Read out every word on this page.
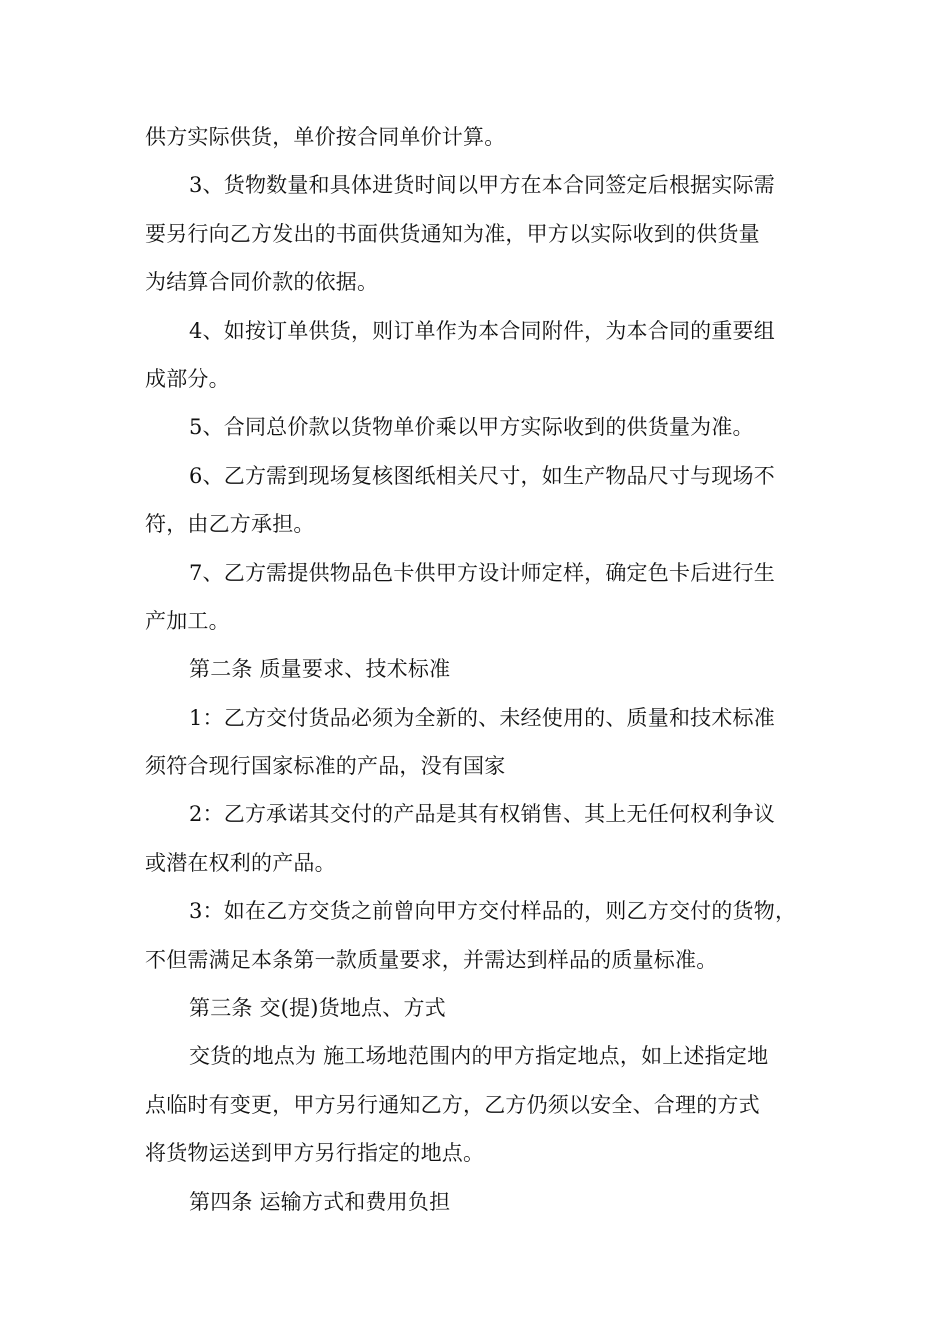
供方实际供货，单价按合同单价计算。
3、货物数量和具体进货时间以甲方在本合同签定后根据实际需
要另行向乙方发出的书面供货通知为准，甲方以实际收到的供货量
为结算合同价款的依据。
4、如按订单供货，则订单作为本合同附件，为本合同的重要组
成部分。
5、合同总价款以货物单价乘以甲方实际收到的供货量为准。
6、乙方需到现场复核图纸相关尺寸，如生产物品尺寸与现场不
符，由乙方承担。
7、乙方需提供物品色卡供甲方设计师定样，确定色卡后进行生
产加工。
第二条 质量要求、技术标准
1：乙方交付货品必须为全新的、未经使用的、质量和技术标准
须符合现行国家标准的产品，没有国家
2：乙方承诺其交付的产品是其有权销售、其上无任何权利争议
或潜在权利的产品。
3：如在乙方交货之前曾向甲方交付样品的，则乙方交付的货物，
不但需满足本条第一款质量要求，并需达到样品的质量标准。
第三条 交(提)货地点、方式
交货的地点为 施工场地范围内的甲方指定地点，如上述指定地
点临时有变更，甲方另行通知乙方，乙方仍须以安全、合理的方式
将货物运送到甲方另行指定的地点。
第四条 运输方式和费用负担
